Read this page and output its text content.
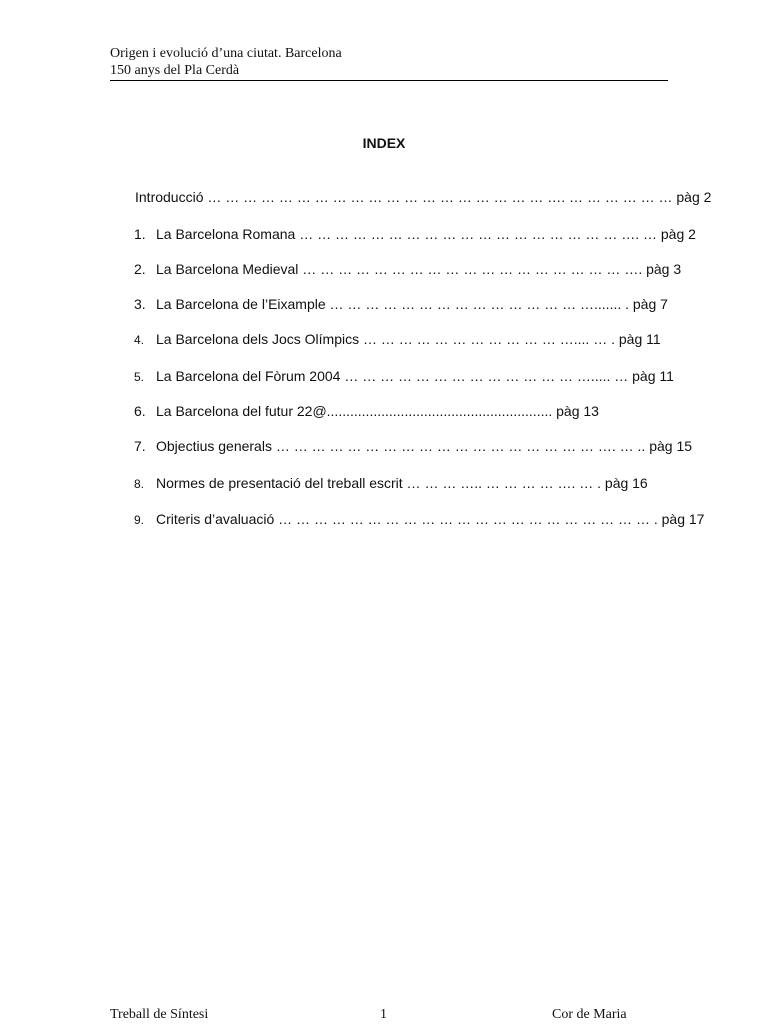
Origen i evolució d’una ciutat. Barcelona
150 anys del Pla Cerdà
INDEX
Introducció … … … … … … … … … … … … … … … … … … … …. … … … … … … pàg 2
1. La Barcelona Romana … … … … … … … … … … … … … … … … … … …. … pàg 2
2. La Barcelona Medieval … … … … … … … … … … … … … … … … … … …. pàg 3
3. La Barcelona de l’Eixample … … … … … … … … … … … … … … …....... . pàg 7
4. La Barcelona dels Jocs Olímpics … … … … … … … … … … … ….... … . pàg 11
5. La Barcelona del Fòrum 2004 … … … … … … … … … … … … … …..... … pàg 11
6. La Barcelona del futur 22@.......................................................... pàg 13
7. Objectius generals … … … … … … … … … … … … … … … … … … …. … .. pàg 15
8. Normes de presentació del treball escrit … … … ….. … … … … …. … . pàg 16
9. Criteris d’avaluació … … … … … … … … … … … … … … … … … … … … … . pàg 17
Treball de Síntesi	1	Cor de Maria
